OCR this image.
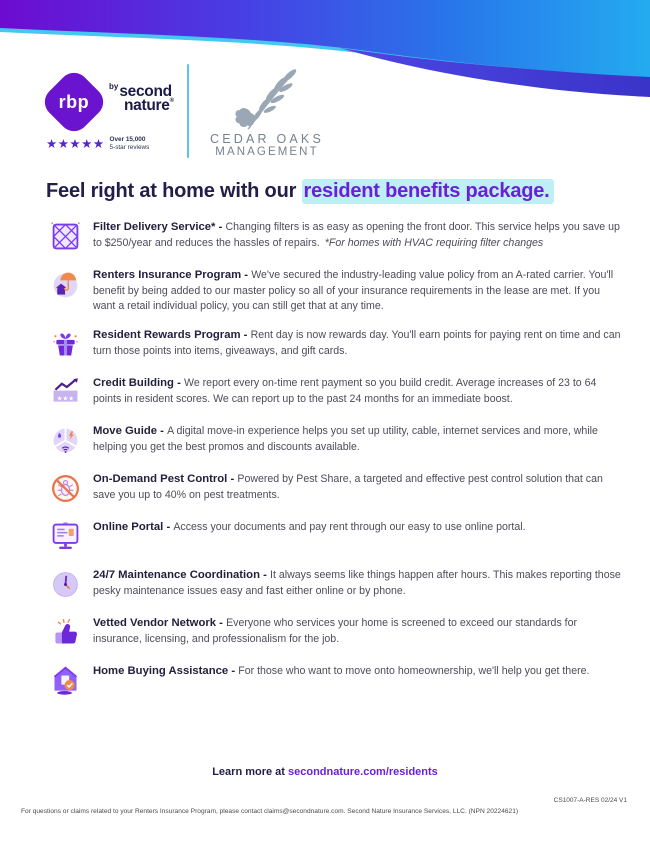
rbp
$^{by}$second
nature®
★★★★★ Over 15,000
5-star reviews
CEDAR OAKS
MANAGEMENT
Feel right at home with our resident benefits package.

Filter Delivery Service* - Changing filters is as easy as opening the front door. This service helps you save up to $250/year and reduces the hassles of repairs. *For homes with HVAC requiring filter changes

Renters Insurance Program - We've secured the industry-leading value policy from an A-rated carrier. You'll benefit by being added to our master policy so all of your insurance requirements in the lease are met. If you want a retail individual policy, you can still get that at any time.

Resident Rewards Program - Rent day is now rewards day. You'll earn points for paying rent on time and can turn those points into items, giveaways, and gift cards.

★★★

Credit Building - We report every on-time rent payment so you build credit. Average increases of 23 to 64 points in resident scores. We can report up to the past 24 months for an immediate boost.

Move Guide - A digital move-in experience helps you set up utility, cable, internet services and more, while helping you get the best promos and discounts available.

On-Demand Pest Control - Powered by Pest Share, a targeted and effective pest control solution that can save you up to 40% on pest treatments.

Online Portal - Access your documents and pay rent through our easy to use online portal.

24/7 Maintenance Coordination - It always seems like things happen after hours. This makes reporting those pesky maintenance issues easy and fast either online or by phone.

Vetted Vendor Network - Everyone who services your home is screened to exceed our standards for insurance, licensing, and professionalism for the job.

Home Buying Assistance - For those who want to move onto homeownership, we'll help you get there.

Learn more at secondnature.com/residents
CS1007-A-RES 02/24 V1
For questions or claims related to your Renters Insurance Program, please contact claims@secondnature.com. Second Nature Insurance Services, LLC. (NPN 20224621)
